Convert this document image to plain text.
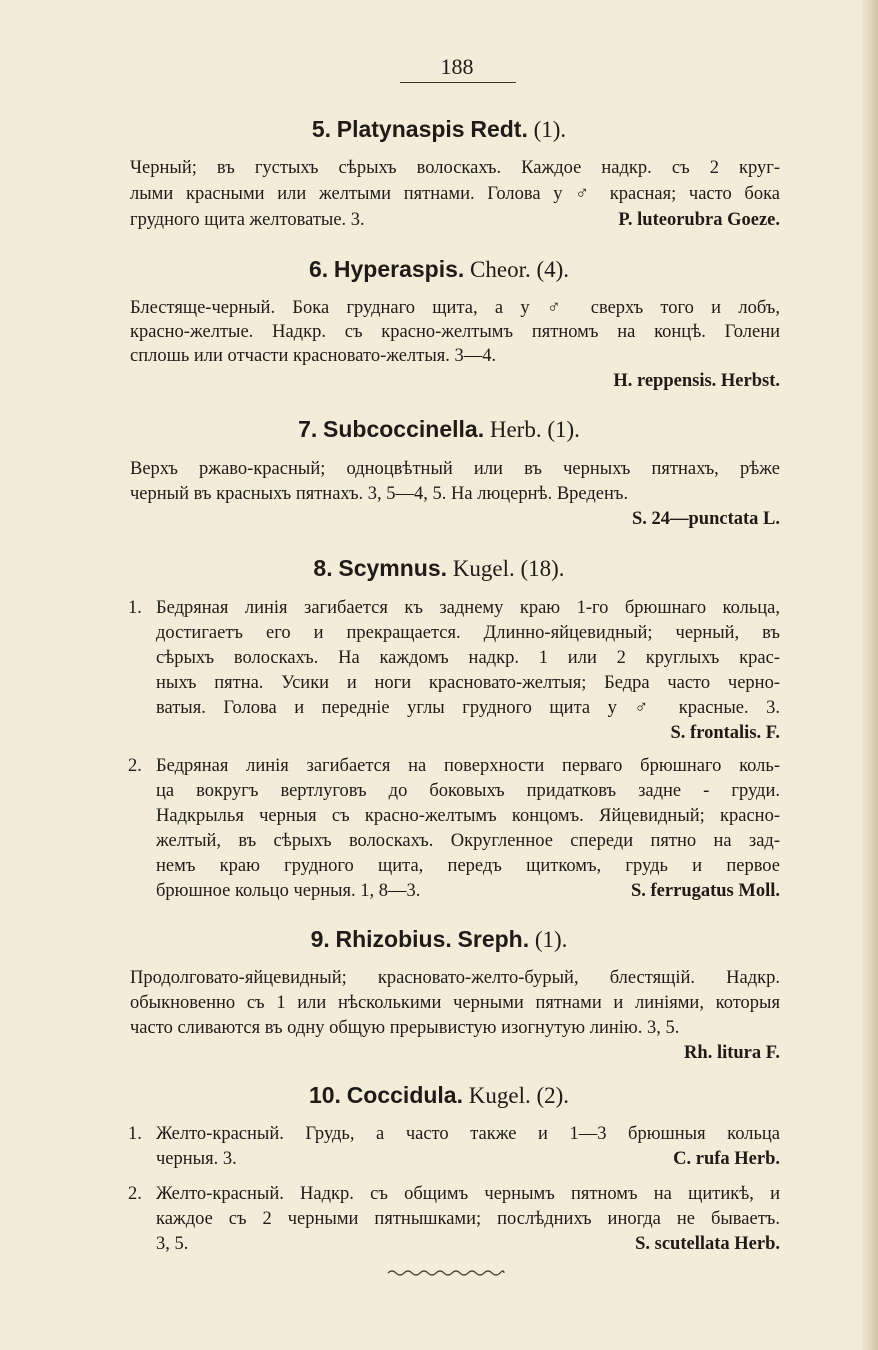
188
5. Platynaspis Redt. (1).
Черный; въ густыхъ сѣрыхъ волоскахъ. Каждое надкр. съ 2 круг-
лыми красными или желтыми пятнами. Голова у ♂ красная; часто бока
грудного щита желтоватые. 3.	P. luteorubra Goeze.
6. Hyperaspis. Cheor. (4).
Блестяще-черный. Бока груднаго щита, а у ♂ сверхъ того и лобъ,
красно-желтые. Надкр. съ красно-желтымъ пятномъ на концѣ. Голени
сплошь или отчасти красновато-желтыя. 3—4.
H. reppensis. Herbst.
7. Subcoccinella. Herb. (1).
Верхъ ржаво-красный; одноцвѣтный или въ черныхъ пятнахъ, рѣже
черный въ красныхъ пятнахъ. 3, 5—4, 5. На люцернѣ. Вреденъ.
S. 24—punctata L.
8. Scymnus. Kugel. (18).
1. Бедряная линія загибается къ заднему краю 1-го брюшнаго кольца,
достигаетъ его и прекращается. Длинно-яйцевидный; черный, въ
сѣрыхъ волоскахъ. На каждомъ надкр. 1 или 2 круглыхъ крас-
ныхъ пятна. Усики и ноги красновато-желтыя; Бедра часто черно-
ватыя. Голова и передніе углы грудного щита у ♂ красные. 3.
S. frontalis. F.
2. Бедряная линія загибается на поверхности перваго брюшнаго коль-
ца вокругъ вертлуговъ до боковыхъ придатковъ задне - груди.
Надкрылья черныя съ красно-желтымъ концомъ. Яйцевидный; красно-
желтый, въ сѣрыхъ волоскахъ. Округленное спереди пятно на зад-
немъ краю грудного щита, передъ щиткомъ, грудь и первое
брюшное кольцо черныя. 1, 8—3.	S. ferrugatus Moll.
9. Rhizobius. Sreph. (1).
Продолговато-яйцевидный; красновато-желто-бурый, блестящій. Надкр.
обыкновенно съ 1 или нѣсколькими черными пятнами и линіями, которыя
часто сливаются въ одну общую прерывистую изогнутую линію. 3, 5.
Rh. litura F.
10. Coccidula. Kugel. (2).
1. Желто-красный. Грудь, а часто также и 1—3 брюшныя кольца
черныя. 3.	C. rufa Herb.
2. Желто-красный. Надкр. съ общимъ чернымъ пятномъ на щитикѣ, и
каждое съ 2 черными пятнышками; послѣднихъ иногда не бываетъ.
3, 5.	S. scutellata Herb.
